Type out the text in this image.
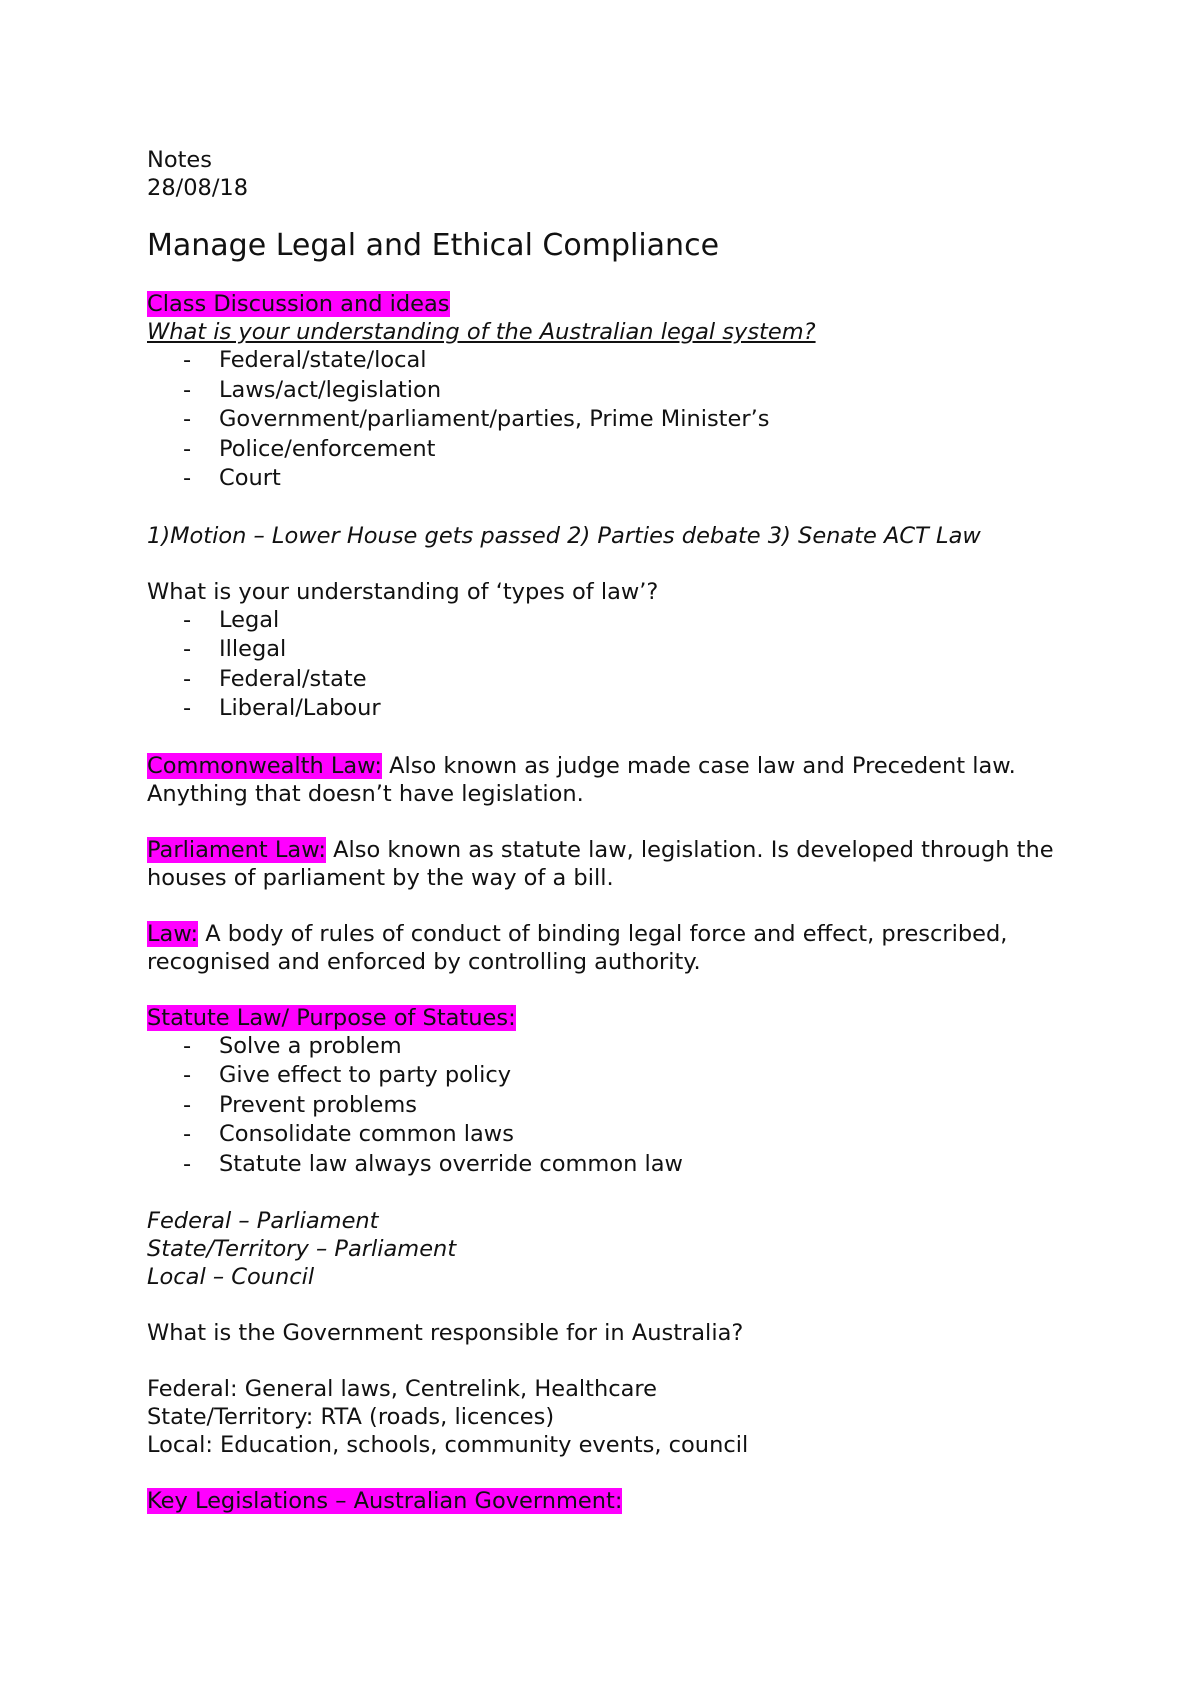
Notes

28/08/18

Manage Legal and Ethical Compliance

Class Discussion and ideas

What is your understanding of the Australian legal system?

- Federal/state/local
- Laws/act/legislation
- Government/parliament/parties, Prime Minister’s
- Police/enforcement
- Court

1)Motion – Lower House gets passed 2) Parties debate 3) Senate ACT Law

What is your understanding of ‘types of law’?

- Legal
- Illegal
- Federal/state
- Liberal/Labour

Commonwealth Law: Also known as judge made case law and Precedent law. Anything that doesn’t have legislation.

Parliament Law: Also known as statute law, legislation. Is developed through the houses of parliament by the way of a bill.

Law: A body of rules of conduct of binding legal force and effect, prescribed, recognised and enforced by controlling authority.

Statute Law/ Purpose of Statues:

- Solve a problem
- Give effect to party policy
- Prevent problems
- Consolidate common laws
- Statute law always override common law

Federal – Parliament

State/Territory – Parliament

Local – Council

What is the Government responsible for in Australia?

Federal: General laws, Centrelink, Healthcare

State/Territory: RTA (roads, licences)

Local: Education, schools, community events, council

Key Legislations – Australian Government:
